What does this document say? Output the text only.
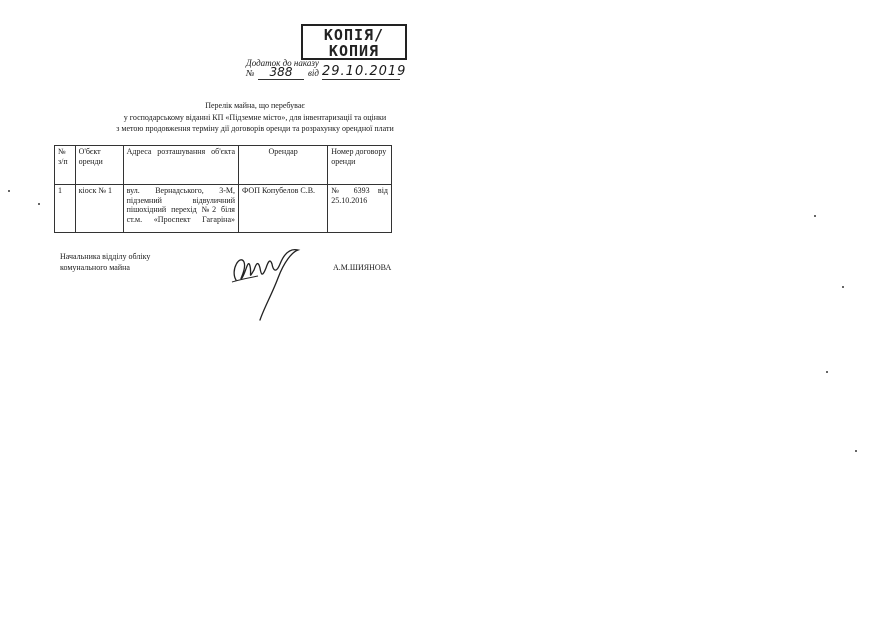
КОПІЯ/
КОПИЯ
Додаток до наказу
№	388	від 29.10.2019
Перелік майна, що перебуває
у господарському віданні КП «Підземне місто», для інвентаризації та оцінки
з метою продовження терміну дії договорів оренди та розрахунку орендної плати
№ з/п	О'бєкт оренди	Адреса розташування об'єкта	Орендар	Номер договору оренди
1	кіоск № 1	вул. Вернадського, 3-М, підземний відвуличний пішохідний перехід №2 біля ст.м. «Проспект Гагаріна»	ФОП Копубелов С.В.	№ 6393 від 25.10.2016
Начальника відділу обліку
комунального майна	А.М.ШИЯНОВА
